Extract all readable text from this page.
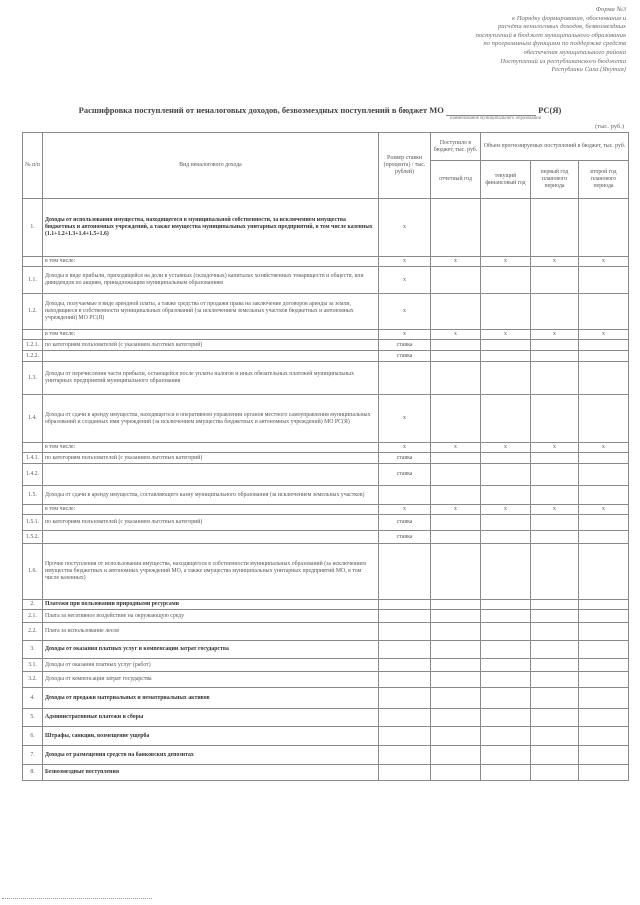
Форма №3
к Порядку формирования, обоснования и
расчёта неналоговых доходов, безвозмездных
поступлений в бюджет муниципального образования
по программным функциям по поддержке средств
обеспечения муниципального района
Поступлений из республиканского бюджета
Республики Саха (Якутия)
Расшифровка поступлений от неналоговых доходов, безвозмездных поступлений в бюджет МО	РС(Я)
наименование муниципального образования
(тыс. руб.)
№ п/п	Вид неналогового дохода	Размер ставки (процента) / тыс. рублей)	Поступило в бюджет, тыс. руб.	Объем прогнозируемых поступлений в бюджет, тыс. руб.		
			отчетный год	текущий финансовый год	первый год планового периода	второй год планового периода
1.	Доходы от использования имущества, находящегося в муниципальной собственности, за исключением имущества бюджетных и автономных учреждений, а также имущества муниципальных унитарных предприятий, в том числе казенных (1.1+1.2+1.3+1.4+1.5+1.6)	x				
	в том числе:	x	x	x	x	x
1.1.	Доходы в виде прибыли, приходящейся на доли в уставных (складочных) капиталах хозяйственных товариществ и обществ, или дивидендов по акциям, принадлежащим муниципальным образованиям	x				
1.2.	Доходы, получаемые в виде арендной платы, а также средства от продажи права на заключение договоров аренды за земли, находящиеся в собственности муниципальных образований (за исключением земельных участков бюджетных и автономных учреждений) МО РС(Я)	x				
	в том числе:	x	x	x	x	x
1.2.1.	по категориям пользователей (с указанием льготных категорий)	ставка				
1.2.2.		ставка				
1.3.	Доходы от перечисления части прибыли, остающейся после уплаты налогов и иных обязательных платежей муниципальных унитарных предприятий муниципального образования					
1.4.	Доходы от сдачи в аренду имущества, находящегося в оперативном управлении органов местного самоуправления муниципальных образований и созданных ими учреждений (за исключением имущества бюджетных и автономных учреждений) МО РС(Я)	x				
	в том числе:	x	x	x	x	x
1.4.1.	по категориям пользователей (с указанием льготных категорий)	ставка				
1.4.2.		ставка				
1.5.	Доходы от сдачи в аренду имущества, составляющего казну муниципального образования (за исключением земельных участков)					
	в том числе:	x	x	x	x	x
1.5.1.	по категориям пользователей (с указанием льготных категорий)	ставка				
1.5.2.		ставка				
1.6.	Прочие поступления от использования имущества, находящегося в собственности муниципальных образований (за исключением имущества бюджетных и автономных учреждений МО, а также имущества муниципальных унитарных предприятий МО, в том числе казенных)					
2.	Платежи при пользовании природными ресурсами					
2.1.	Плата за негативное воздействие на окружающую среду					
2.2.	Плата за использование лесов					
3.	Доходы от оказания платных услуг и компенсации затрат государства					
3.1.	Доходы от оказания платных услуг (работ)					
3.2.	Доходы от компенсации затрат государства					
4.	Доходы от продажи материальных и нематериальных активов					
5.	Административные платежи и сборы					
6.	Штрафы, санкции, возмещение ущерба					
7.	Доходы от размещения средств на банковских депозитах					
8.	Безвозмездные поступления					
